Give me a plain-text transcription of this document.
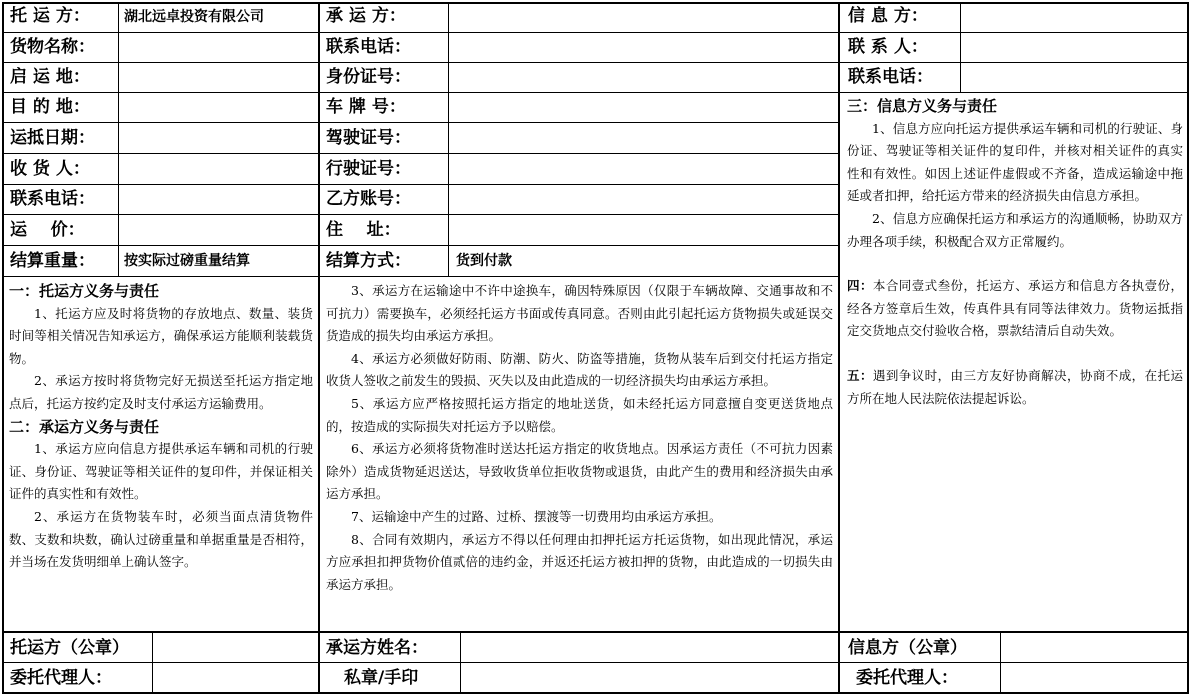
托 运 方： 湖北远卓投资有限公司
货物名称：
启 运 地：
目 的 地：
运抵日期：
收 货 人：
联系电话：
运    价：
结算重量： 按实际过磅重量结算
承 运 方：
联系电话：
身份证号：
车 牌 号：
驾驶证号：
行驶证号：
乙方账号：
住    址：
结算方式：	货到付款
信 息 方：
联 系 人：
联系电话：

一：托运方义务与责任

1、托运方应及时将货物的存放地点、数量、装货时间等相关情况告知承运方，确保承运方能顺利装载货物。

2、承运方按时将货物完好无损送至托运方指定地点后，托运方按约定及时支付承运方运输费用。

二：承运方义务与责任

1、承运方应向信息方提供承运车辆和司机的行驶证、身份证、驾驶证等相关证件的复印件，并保证相关证件的真实性和有效性。

2、承运方在货物装车时，必须当面点清货物件数、支数和块数，确认过磅重量和单据重量是否相符，并当场在发货明细单上确认签字。

3、承运方在运输途中不许中途换车，确因特殊原因（仅限于车辆故障、交通事故和不可抗力）需要换车，必须经托运方书面或传真同意。否则由此引起托运方货物损失或延误交货造成的损失均由承运方承担。

4、承运方必须做好防雨、防潮、防火、防盗等措施，货物从装车后到交付托运方指定收货人签收之前发生的毁损、灭失以及由此造成的一切经济损失均由承运方承担。

5、承运方应严格按照托运方指定的地址送货，如未经托运方同意擅自变更送货地点的，按造成的实际损失对托运方予以赔偿。

6、承运方必须将货物准时送达托运方指定的收货地点。因承运方责任（不可抗力因素除外）造成货物延迟送达，导致收货单位拒收货物或退货，由此产生的费用和经济损失由承运方承担。

7、运输途中产生的过路、过桥、摆渡等一切费用均由承运方承担。

8、合同有效期内，承运方不得以任何理由扣押托运方托运货物，如出现此情况，承运方应承担扣押货物价值贰倍的违约金，并返还托运方被扣押的货物，由此造成的一切损失由承运方承担。

三：信息方义务与责任

1、信息方应向托运方提供承运车辆和司机的行驶证、身份证、驾驶证等相关证件的复印件，并核对相关证件的真实性和有效性。如因上述证件虚假或不齐备，造成运输途中拖延或者扣押，给托运方带来的经济损失由信息方承担。

2、信息方应确保托运方和承运方的沟通顺畅，协助双方办理各项手续，积极配合双方正常履约。

四：本合同壹式叁份，托运方、承运方和信息方各执壹份，经各方签章后生效，传真件具有同等法律效力。货物运抵指定交货地点交付验收合格，票款结清后自动失效。

五：遇到争议时，由三方友好协商解决，协商不成，在托运方所在地人民法院依法提起诉讼。

托运方（公章）	承运方姓名：	信息方（公章）
委托代理人：	私章/手印	委托代理人：
